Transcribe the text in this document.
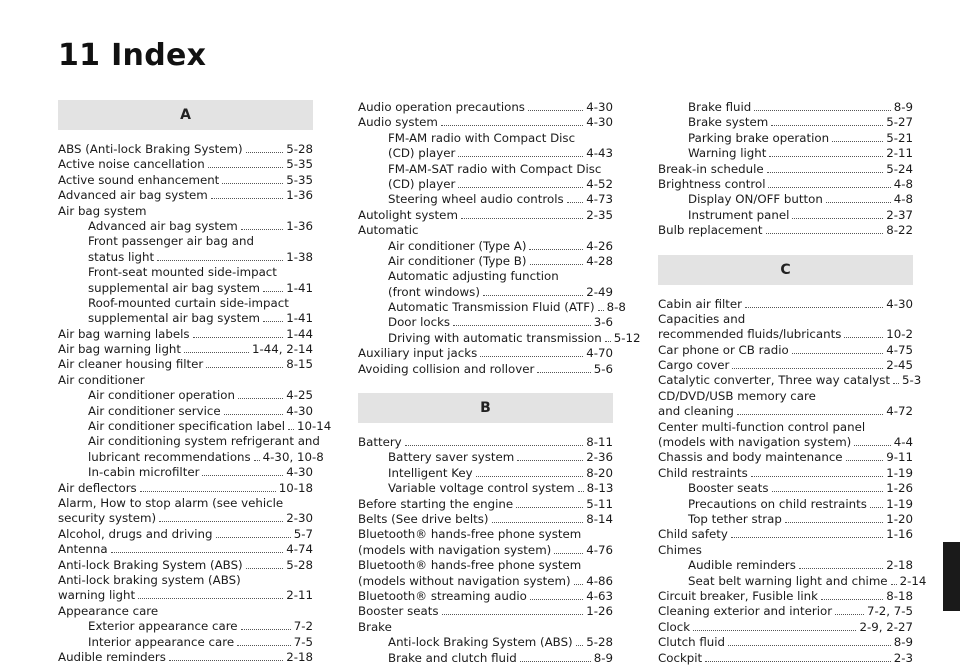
11 Index
A
ABS (Anti-lock Braking System)	5-28
Active noise cancellation	5-35
Active sound enhancement	5-35
Advanced air bag system	1-36
Air bag system
Advanced air bag system	1-36
Front passenger air bag and
status light	1-38
Front-seat mounted side-impact
supplemental air bag system 1-41
Roof-mounted curtain side-impact
supplemental air bag system 1-41
Air bag warning labels	1-44
Air bag warning light	1-44, 2-14
Air cleaner housing filter	8-15
Air conditioner
Air conditioner operation	4-25
Air conditioner service	4-30
Air conditioner specification label 10-14
Air conditioning system refrigerant and
lubricant recommendations 4-30, 10-8
In-cabin microfilter	4-30
Air deflectors	10-18
Alarm, How to stop alarm (see vehicle
security system)	2-30
Alcohol, drugs and driving	5-7
Antenna	4-74
Anti-lock Braking System (ABS)	5-28
Anti-lock braking system (ABS)
warning light	2-11
Appearance care
Exterior appearance care	7-2
Interior appearance care	7-5
Audible reminders	2-18
Audio operation precautions	4-30
Audio system	4-30
FM-AM radio with Compact Disc
(CD) player	4-43
FM-AM-SAT radio with Compact Disc
(CD) player	4-52
Steering wheel audio controls 4-73
Autolight system	2-35
Automatic
Air conditioner (Type A)	4-26
Air conditioner (Type B)	4-28
Automatic adjusting function
(front windows)	2-49
Automatic Transmission Fluid (ATF) 8-8
Door locks	3-6
Driving with automatic transmission 5-12
Auxiliary input jacks	4-70
Avoiding collision and rollover	5-6
B
Battery	8-11
Battery saver system	2-36
Intelligent Key	8-20
Variable voltage control system 8-13
Before starting the engine	5-11
Belts (See drive belts)	8-14
Bluetooth® hands-free phone system
(models with navigation system)	4-76
Bluetooth® hands-free phone system
(models without navigation system) 4-86
Bluetooth® streaming audio	4-63
Booster seats	1-26
Brake
Anti-lock Braking System (ABS) 5-28
Brake and clutch fluid	8-9
Brake fluid	8-9
Brake system	5-27
Parking brake operation	5-21
Warning light	2-11
Break-in schedule	5-24
Brightness control	4-8
Display ON/OFF button	4-8
Instrument panel	2-37
Bulb replacement	8-22
C
Cabin air filter	4-30
Capacities and
recommended fluids/lubricants	10-2
Car phone or CB radio	4-75
Cargo cover	2-45
Catalytic converter, Three way catalyst 5-3
CD/DVD/USB memory care
and cleaning	4-72
Center multi-function control panel
(models with navigation system)	4-4
Chassis and body maintenance	9-11
Child restraints	1-19
Booster seats	1-26
Precautions on child restraints 1-19
Top tether strap	1-20
Child safety	1-16
Chimes
Audible reminders	2-18
Seat belt warning light and chime 2-14
Circuit breaker, Fusible link	8-18
Cleaning exterior and interior	7-2, 7-5
Clock	2-9, 2-27
Clutch fluid	8-9
Cockpit	2-3
